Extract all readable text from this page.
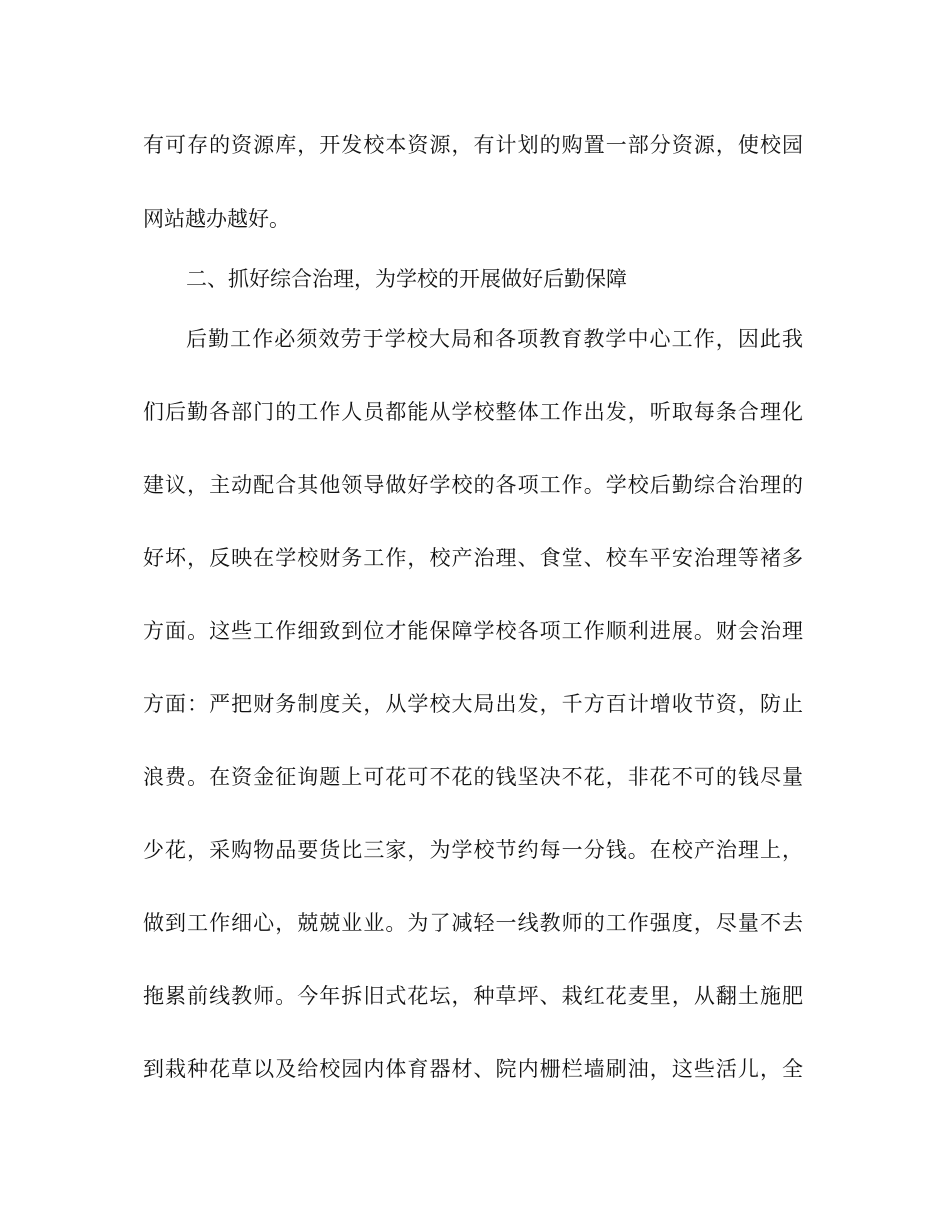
有可存的资源库，开发校本资源，有计划的购置一部分资源，使校园
网站越办越好。
二、抓好综合治理，为学校的开展做好后勤保障
后勤工作必须效劳于学校大局和各项教育教学中心工作，因此我
们后勤各部门的工作人员都能从学校整体工作出发，听取每条合理化
建议，主动配合其他领导做好学校的各项工作。学校后勤综合治理的
好坏，反映在学校财务工作，校产治理、食堂、校车平安治理等褚多
方面。这些工作细致到位才能保障学校各项工作顺利进展。财会治理
方面：严把财务制度关，从学校大局出发，千方百计增收节资，防止
浪费。在资金征询题上可花可不花的钱坚决不花，非花不可的钱尽量
少花，采购物品要货比三家，为学校节约每一分钱。在校产治理上，
做到工作细心，兢兢业业。为了减轻一线教师的工作强度，尽量不去
拖累前线教师。今年拆旧式花坛，种草坪、栽红花麦里，从翻土施肥
到栽种花草以及给校园内体育器材、院内栅栏墙刷油，这些活儿，全
